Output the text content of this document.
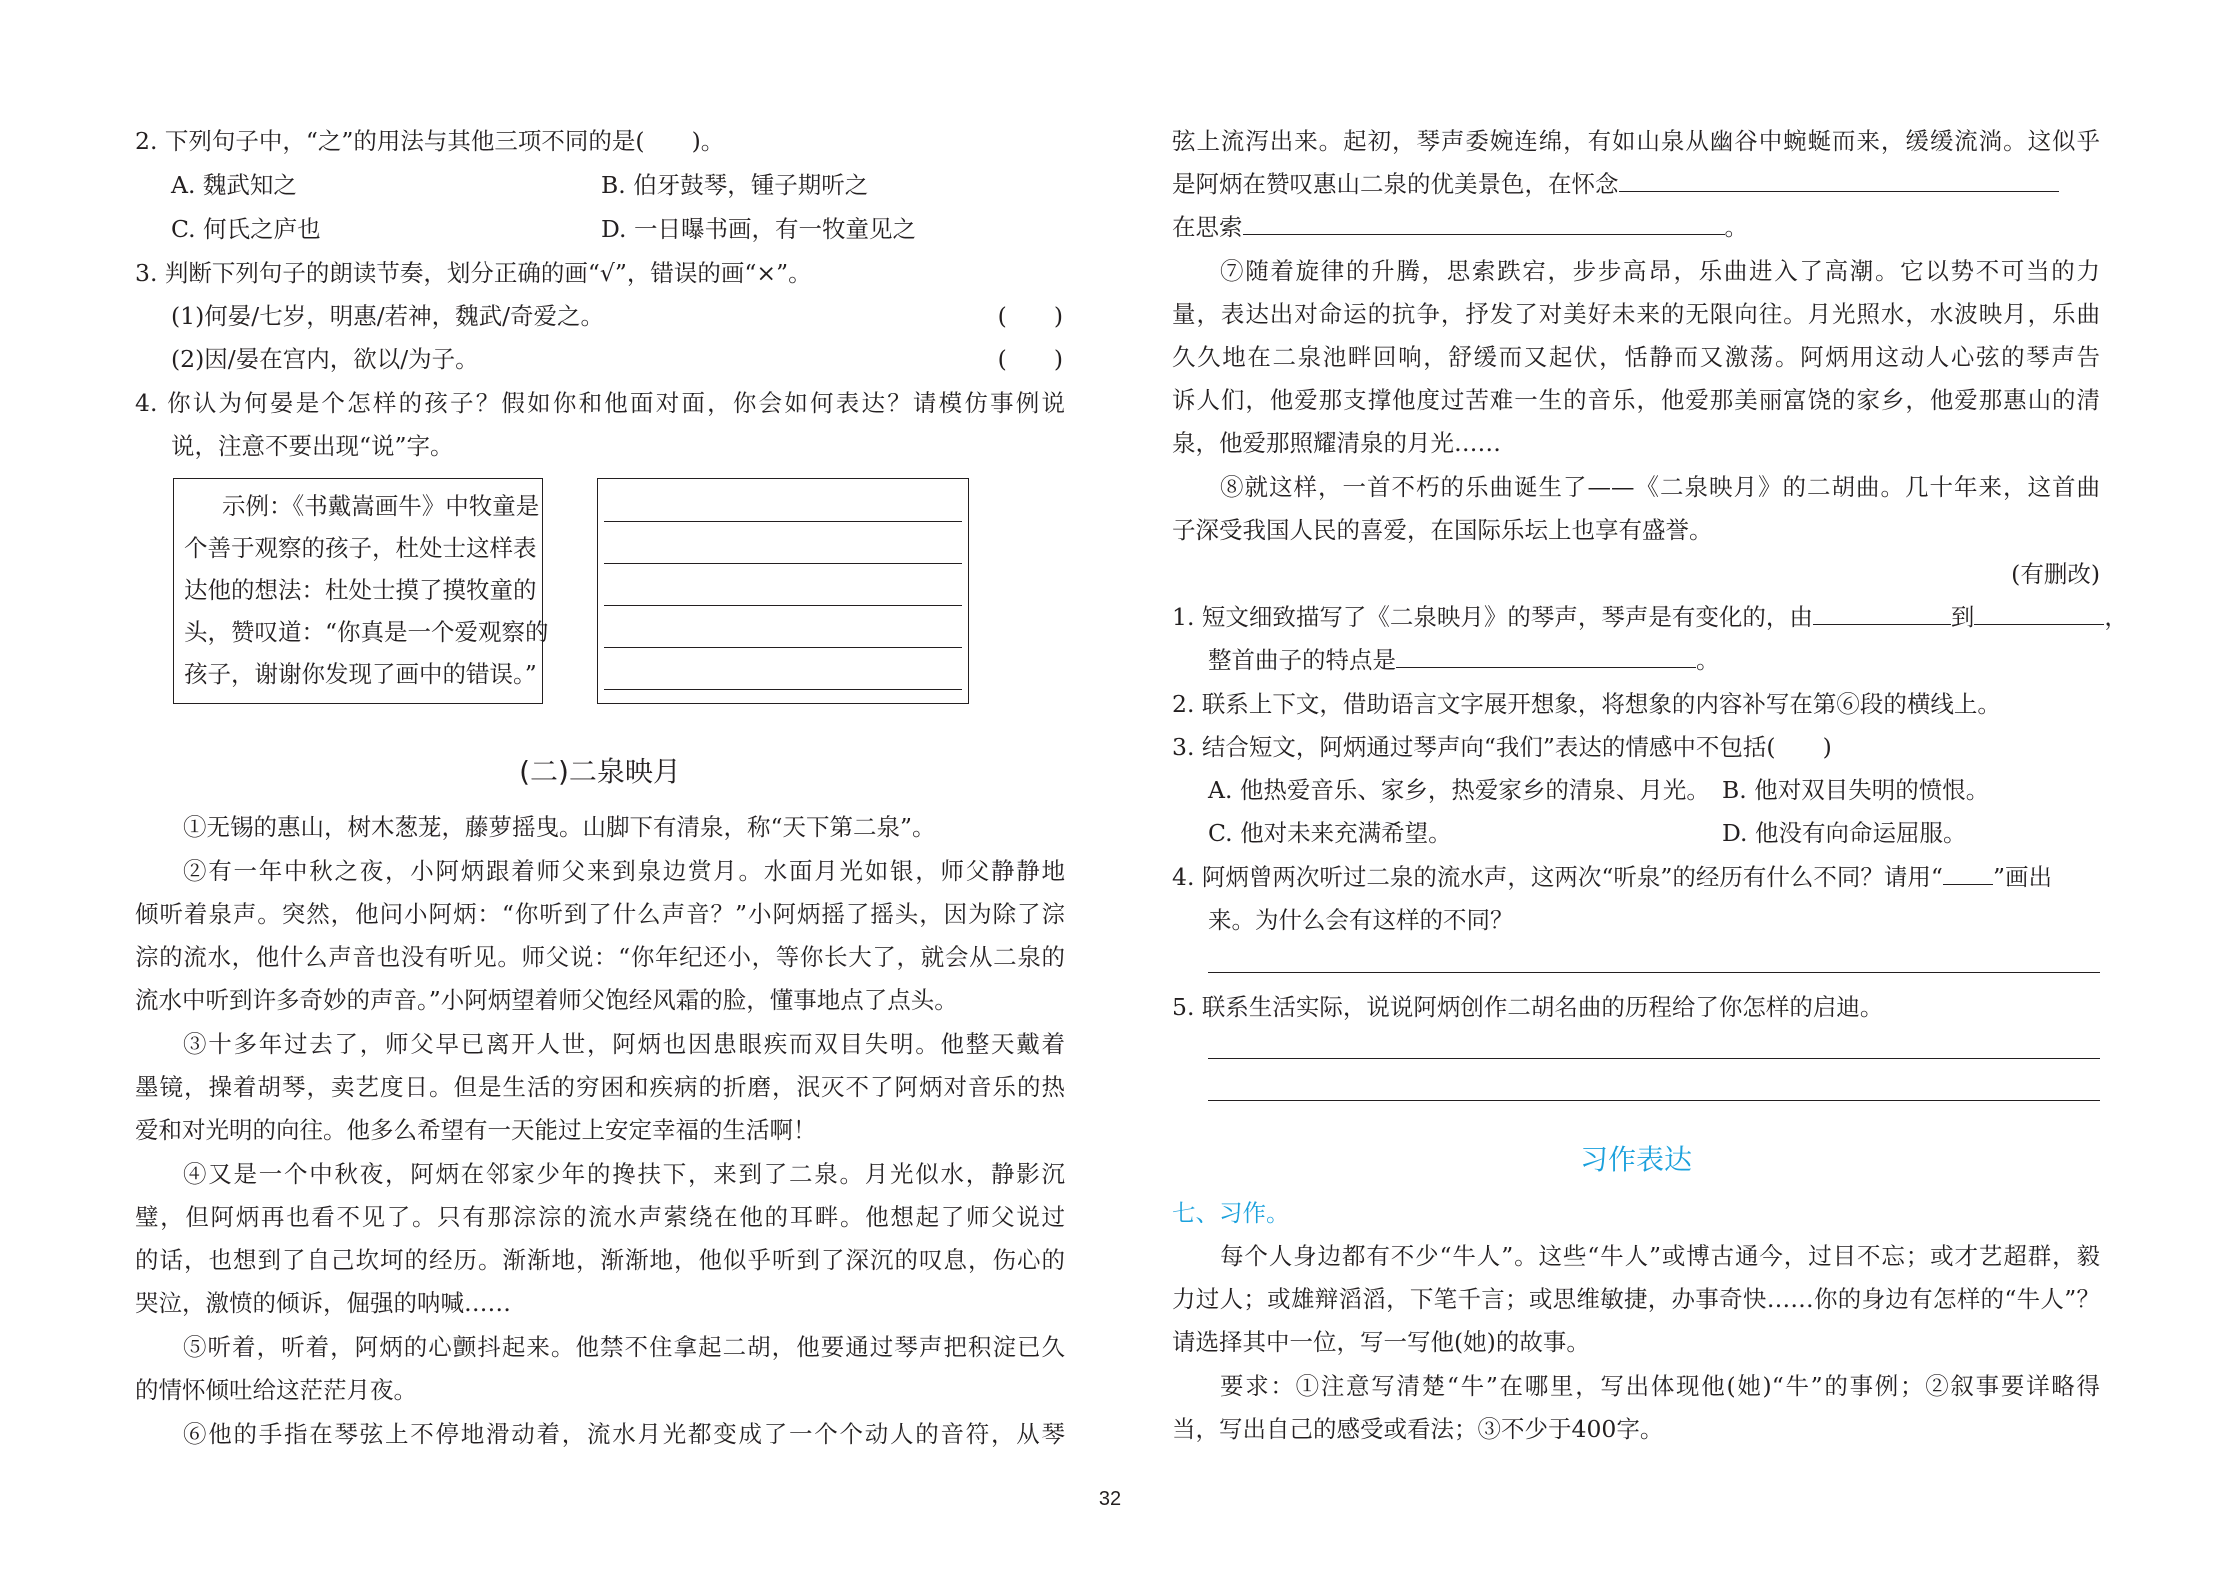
2. 下列句子中，“之”的用法与其他三项不同的是(　　)。
A. 魏武知之	B. 伯牙鼓琴，锺子期听之
C. 何氏之庐也	D. 一日曝书画，有一牧童见之
3. 判断下列句子的朗读节奏，划分正确的画“√”，错误的画“×”。
(1)何晏/七岁，明惠/若神，魏武/奇爱之。	(　　)
(2)因/晏在宫内，欲以/为子。	(　　)
4. 你认为何晏是个怎样的孩子？假如你和他面对面，你会如何表达？请模仿事例说
说，注意不要出现“说”字。
示例：《书戴嵩画牛》中牧童是
个善于观察的孩子，杜处士这样表
达他的想法：杜处士摸了摸牧童的
头，赞叹道：“你真是一个爱观察的
孩子，谢谢你发现了画中的错误。”
(二)二泉映月
①无锡的惠山，树木葱茏，藤萝摇曳。山脚下有清泉，称“天下第二泉”。
②有一年中秋之夜，小阿炳跟着师父来到泉边赏月。水面月光如银，师父静静地
倾听着泉声。突然，他问小阿炳：“你听到了什么声音？”小阿炳摇了摇头，因为除了淙
淙的流水，他什么声音也没有听见。师父说：“你年纪还小，等你长大了，就会从二泉的
流水中听到许多奇妙的声音。”小阿炳望着师父饱经风霜的脸，懂事地点了点头。
③十多年过去了，师父早已离开人世，阿炳也因患眼疾而双目失明。他整天戴着
墨镜，操着胡琴，卖艺度日。但是生活的穷困和疾病的折磨，泯灭不了阿炳对音乐的热
爱和对光明的向往。他多么希望有一天能过上安定幸福的生活啊！
④又是一个中秋夜，阿炳在邻家少年的搀扶下，来到了二泉。月光似水，静影沉
璧，但阿炳再也看不见了。只有那淙淙的流水声萦绕在他的耳畔。他想起了师父说过
的话，也想到了自己坎坷的经历。渐渐地，渐渐地，他似乎听到了深沉的叹息，伤心的
哭泣，激愤的倾诉，倔强的呐喊……
⑤听着，听着，阿炳的心颤抖起来。他禁不住拿起二胡，他要通过琴声把积淀已久
的情怀倾吐给这茫茫月夜。
⑥他的手指在琴弦上不停地滑动着，流水月光都变成了一个个动人的音符，从琴
弦上流泻出来。起初，琴声委婉连绵，有如山泉从幽谷中蜿蜒而来，缓缓流淌。这似乎
是阿炳在赞叹惠山二泉的优美景色，在怀念
在思索	。
⑦随着旋律的升腾，思索跌宕，步步高昂，乐曲进入了高潮。它以势不可当的力
量，表达出对命运的抗争，抒发了对美好未来的无限向往。月光照水，水波映月，乐曲
久久地在二泉池畔回响，舒缓而又起伏，恬静而又激荡。阿炳用这动人心弦的琴声告
诉人们，他爱那支撑他度过苦难一生的音乐，他爱那美丽富饶的家乡，他爱那惠山的清
泉，他爱那照耀清泉的月光……
⑧就这样，一首不朽的乐曲诞生了——《二泉映月》的二胡曲。几十年来，这首曲
子深受我国人民的喜爱，在国际乐坛上也享有盛誉。
(有删改)
1. 短文细致描写了《二泉映月》的琴声，琴声是有变化的，由	到	，
整首曲子的特点是	。
2. 联系上下文，借助语言文字展开想象，将想象的内容补写在第⑥段的横线上。
3. 结合短文，阿炳通过琴声向“我们”表达的情感中不包括(　　)
A. 他热爱音乐、家乡，热爱家乡的清泉、月光。 B. 他对双目失明的愤恨。
C. 他对未来充满希望。	D. 他没有向命运屈服。
4. 阿炳曾两次听过二泉的流水声，这两次“听泉”的经历有什么不同？请用“ ”画出
来。为什么会有这样的不同？
5. 联系生活实际，说说阿炳创作二胡名曲的历程给了你怎样的启迪。
习作表达
七、习作。
每个人身边都有不少“牛人”。这些“牛人”或博古通今，过目不忘；或才艺超群，毅
力过人；或雄辩滔滔，下笔千言；或思维敏捷，办事奇快……你的身边有怎样的“牛人”？
请选择其中一位，写一写他(她)的故事。
要求：①注意写清楚“牛”在哪里，写出体现他(她)“牛”的事例；②叙事要详略得
当，写出自己的感受或看法；③不少于400字。
32
